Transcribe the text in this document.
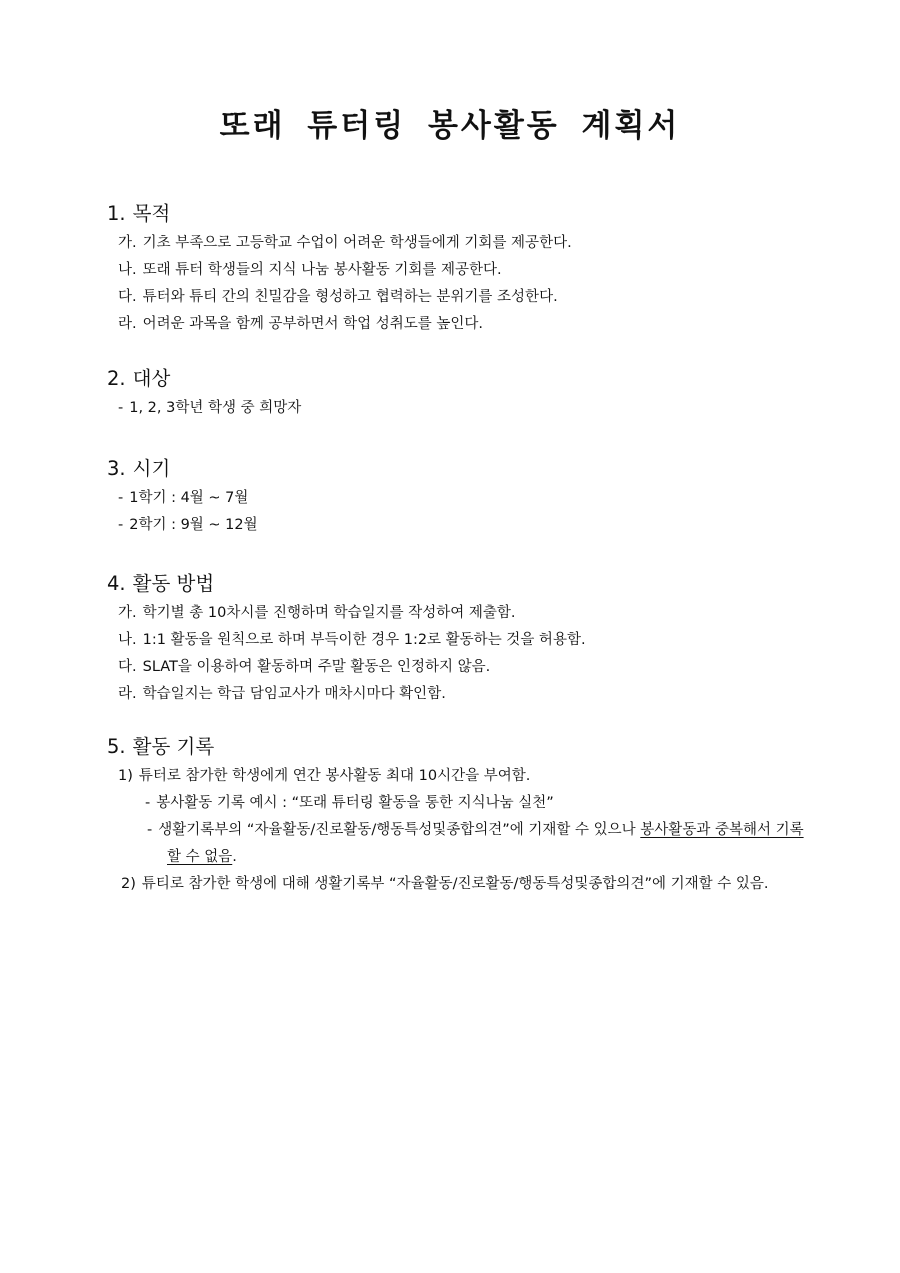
또래 튜터링 봉사활동 계획서

1. 목적

가. 기초 부족으로 고등학교 수업이 어려운 학생들에게 기회를 제공한다.

나. 또래 튜터 학생들의 지식 나눔 봉사활동 기회를 제공한다.

다. 튜터와 튜티 간의 친밀감을 형성하고 협력하는 분위기를 조성한다.

라. 어려운 과목을 함께 공부하면서 학업 성취도를 높인다.

2. 대상

- 1, 2, 3학년 학생 중 희망자

3. 시기

- 1학기 : 4월 ~ 7월

- 2학기 : 9월 ~ 12월

4. 활동 방법

가. 학기별 총 10차시를 진행하며 학습일지를 작성하여 제출함.

나. 1:1 활동을 원칙으로 하며 부득이한 경우 1:2로 활동하는 것을 허용함.

다. SLAT을 이용하여 활동하며 주말 활동은 인정하지 않음.

라. 학습일지는 학급 담임교사가 매차시마다 확인함.

5. 활동 기록

1) 튜터로 참가한 학생에게 연간 봉사활동 최대 10시간을 부여함.

- 봉사활동 기록 예시 : “또래 튜터링 활동을 통한 지식나눔 실천”

- 생활기록부의 “자율활동/진로활동/행동특성및종합의견”에 기재할 수 있으나 봉사활동과 중복해서 기록할 수 없음.

2) 튜티로 참가한 학생에 대해 생활기록부 “자율활동/진로활동/행동특성및종합의견”에 기재할 수 있음.
